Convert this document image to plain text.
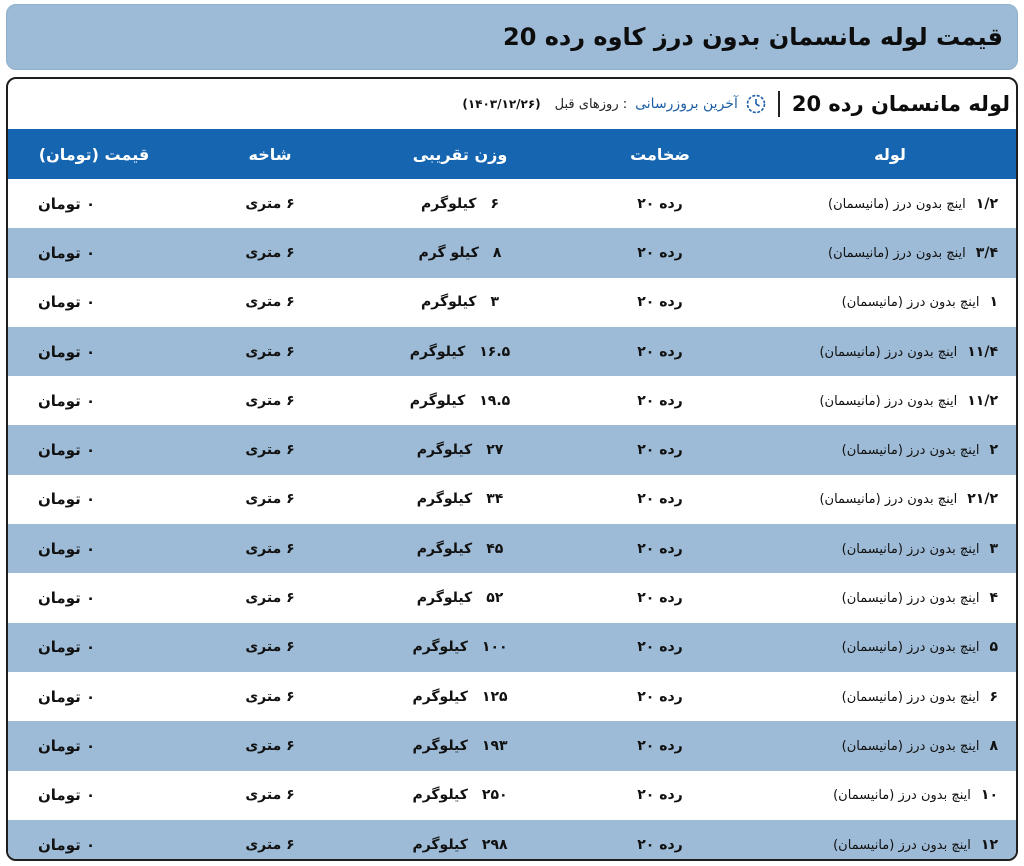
قیمت لوله مانسمان بدون درز کاوه رده 20
لوله مانسمان رده 20
آخرین بروزرسانی
: روزهای قبل
(۱۴۰۳/۱۲/۲۶)
لوله	ضخامت	وزن تقریبی	شاخه	قیمت (تومان)
۱/۲اینچ بدون درز (مانیسمان)	رده ۲۰	۶کیلوگرم	۶ متری	۰ تومان
۳/۴اینچ بدون درز (مانیسمان)	رده ۲۰	۸کیلو گرم	۶ متری	۰ تومان
۱اینچ بدون درز (مانیسمان)	رده ۲۰	۳کیلوگرم	۶ متری	۰ تومان
۱۱/۴اینچ بدون درز (مانیسمان)	رده ۲۰	۱۶.۵کیلوگرم	۶ متری	۰ تومان
۱۱/۲اینچ بدون درز (مانیسمان)	رده ۲۰	۱۹.۵کیلوگرم	۶ متری	۰ تومان
۲اینچ بدون درز (مانیسمان)	رده ۲۰	۲۷کیلوگرم	۶ متری	۰ تومان
۲۱/۲اینچ بدون درز (مانیسمان)	رده ۲۰	۳۴کیلوگرم	۶ متری	۰ تومان
۳اینچ بدون درز (مانیسمان)	رده ۲۰	۴۵کیلوگرم	۶ متری	۰ تومان
۴اینچ بدون درز (مانیسمان)	رده ۲۰	۵۲کیلوگرم	۶ متری	۰ تومان
۵اینچ بدون درز (مانیسمان)	رده ۲۰	۱۰۰کیلوگرم	۶ متری	۰ تومان
۶اینچ بدون درز (مانیسمان)	رده ۲۰	۱۲۵کیلوگرم	۶ متری	۰ تومان
۸اینچ بدون درز (مانیسمان)	رده ۲۰	۱۹۳کیلوگرم	۶ متری	۰ تومان
۱۰اینچ بدون درز (مانیسمان)	رده ۲۰	۲۵۰کیلوگرم	۶ متری	۰ تومان
۱۲اینچ بدون درز (مانیسمان)	رده ۲۰	۲۹۸کیلوگرم	۶ متری	۰ تومان
